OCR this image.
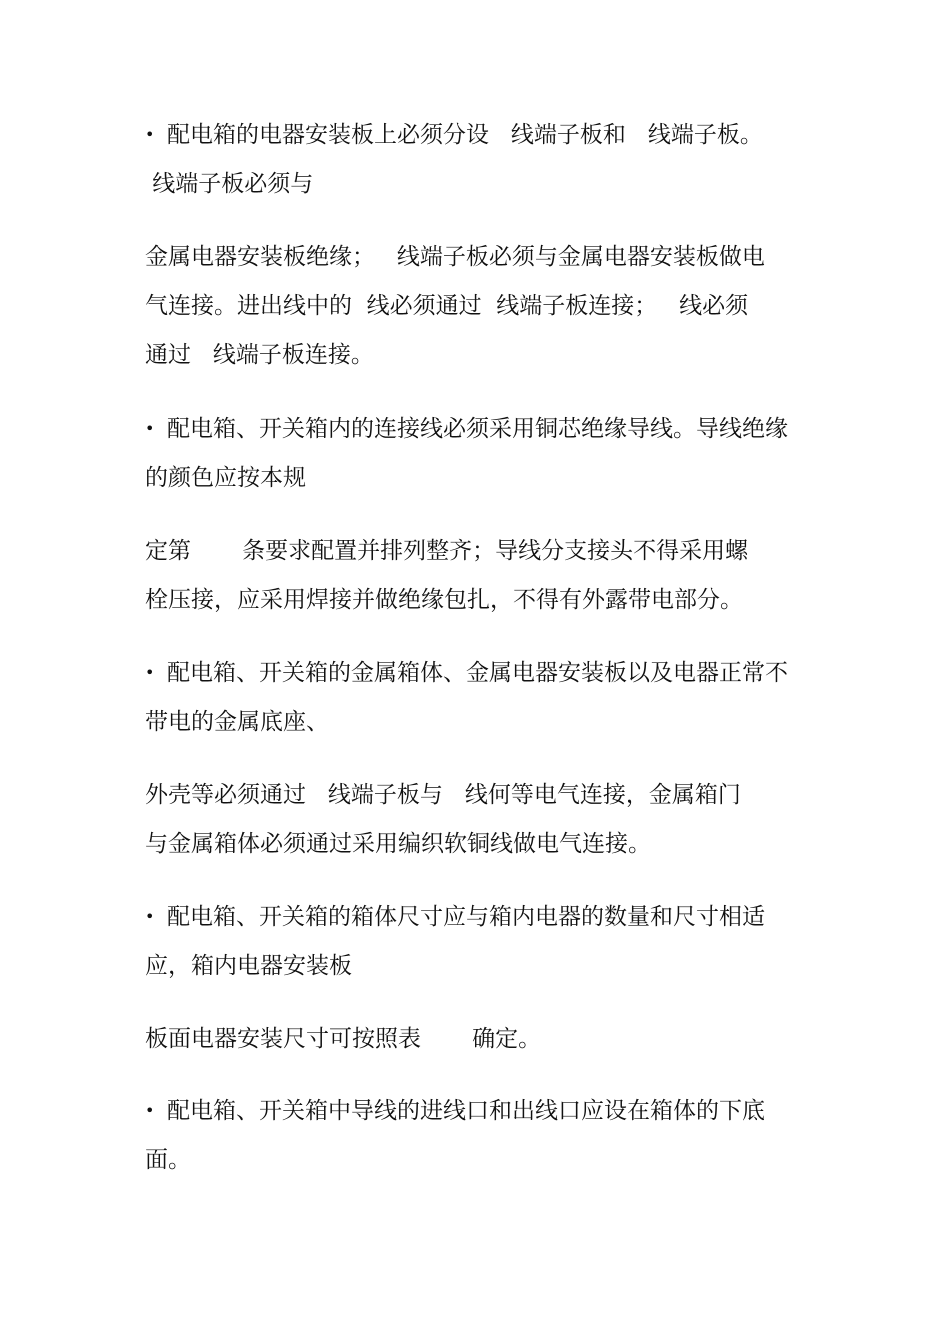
• 配电箱的电器安装板上必须分设   线端子板和   线端子板。

线端子板必须与

金属电器安装板绝缘；   线端子板必须与金属电器安装板做电

气连接。进出线中的  线必须通过  线端子板连接；   线必须

通过   线端子板连接。

• 配电箱、开关箱内的连接线必须采用铜芯绝缘导线。导线绝缘

的颜色应按本规

定第       条要求配置并排列整齐；导线分支接头不得采用螺

栓压接，应采用焊接并做绝缘包扎，不得有外露带电部分。

• 配电箱、开关箱的金属箱体、金属电器安装板以及电器正常不

带电的金属底座、

外壳等必须通过   线端子板与   线何等电气连接，金属箱门

与金属箱体必须通过采用编织软铜线做电气连接。

• 配电箱、开关箱的箱体尺寸应与箱内电器的数量和尺寸相适

应，箱内电器安装板

板面电器安装尺寸可按照表       确定。

• 配电箱、开关箱中导线的进线口和出线口应设在箱体的下底

面。
